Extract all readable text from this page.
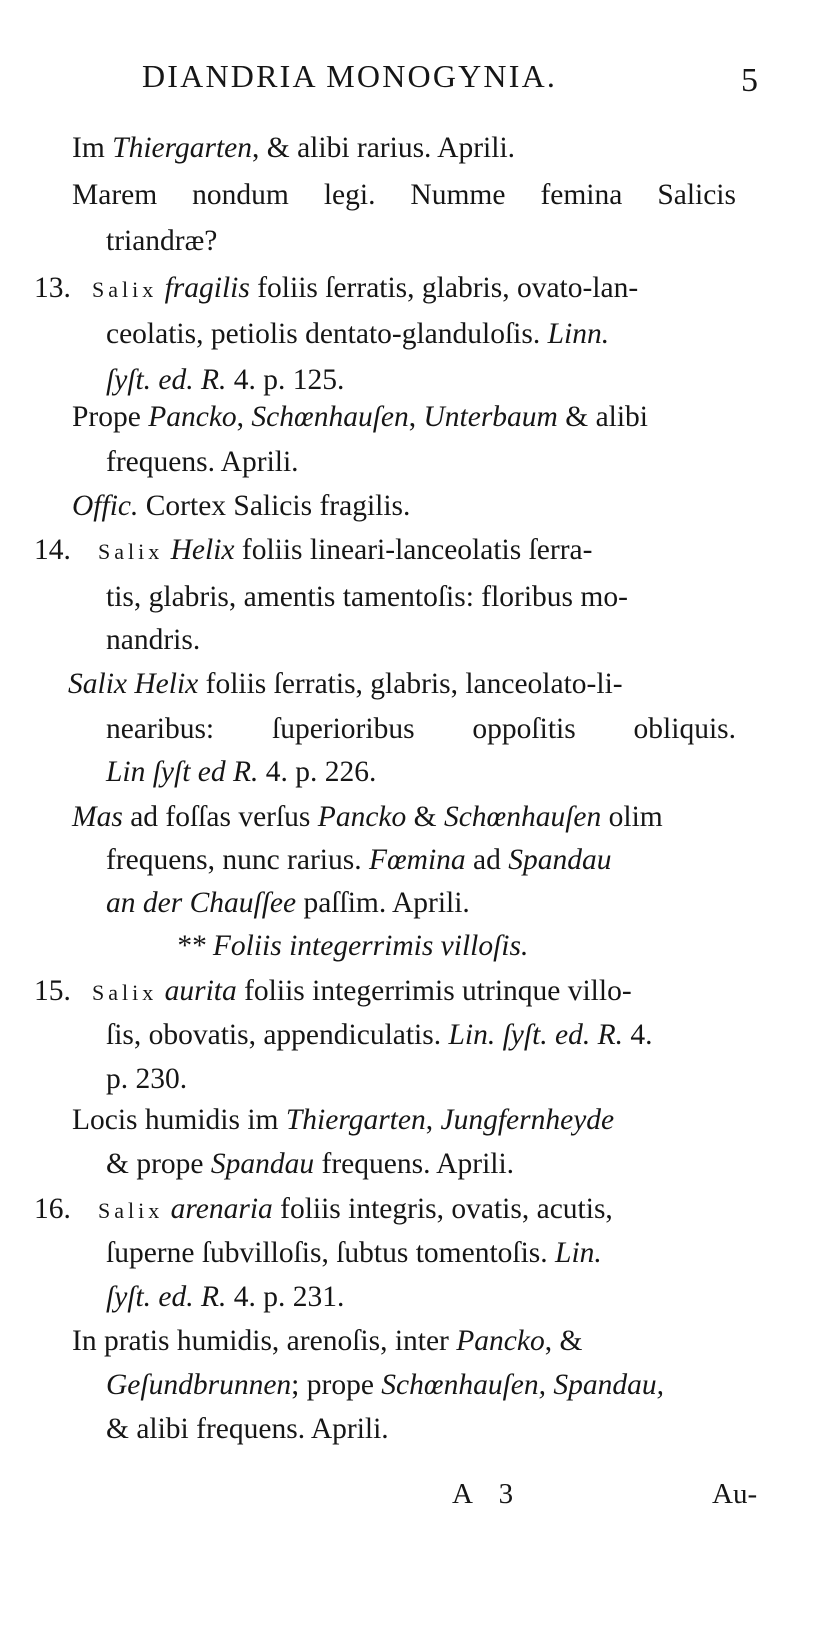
DIANDRIA MONOGYNIA.	5
Im Thiergarten, & alibi rarius. Aprili.
Marem nondum legi. Numme femina Salicis
triandræ?
13. Salix fragilis foliis ſerratis, glabris, ovato-lan-
ceolatis, petiolis dentato-glandulоſis. Linn.
ſyſt. ed. R. 4. p. 125.
Prope Pancko, Schœnhauſen, Unterbaum & alibi
frequens. Aprili.
Offic. Cortex Salicis fragilis.
14. Salix Helix foliis lineari-lanceolatis ſerra-
tis, glabris, amentis tamentoſis: floribus mo-
nandris.
Salix Helix foliis ſerratis, glabris, lanceolato-li-
nearibus: ſuperioribus oppoſitis obliquis.
Lin ſyſt ed R. 4. p. 226.
Mas ad foſſas verſus Pancko & Schœnhauſen olim
frequens, nunc rarius. Fœmina ad Spandau
an der Chauſſee paſſim. Aprili.
** Foliis integerrimis villoſis.
15. Salix aurita foliis integerrimis utrinque villo-
ſis, obovatis, appendiculatis. Lin. ſyſt. ed. R. 4.
p. 230.
Locis humidis im Thiergarten, Jungfernheyde
& prope Spandau frequens. Aprili.
16. Salix arenaria foliis integris, ovatis, acutis,
ſuperne ſubvilloſis, ſubtus tomentoſis. Lin.
ſyſt. ed. R. 4. p. 231.
In pratis humidis, arenoſis, inter Pancko, &
Geſundbrunnen; prope Schœnhauſen, Spandau,
& alibi frequens. Aprili.
A 3	Au-
